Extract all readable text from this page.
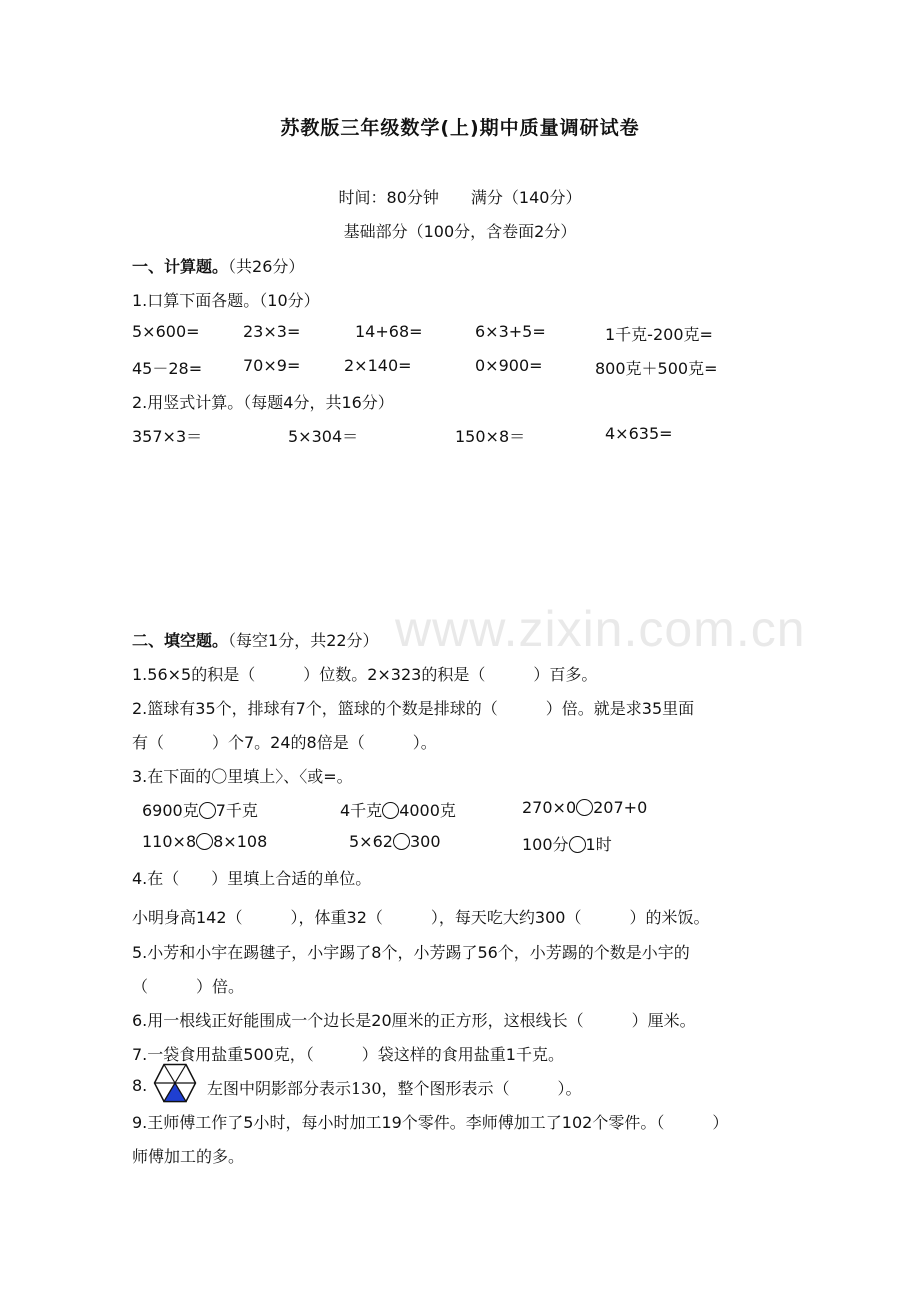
www.zixin.com.cn
苏教版三年级数学(上)期中质量调研试卷
时间：80分钟　　满分（140分）
基础部分（100分，含卷面2分）
一、计算题。（共26分）
1.口算下面各题。（10分）
5×600=	23×3=	14+68=	6×3+5=	1千克-200克=
45－28=	70×9=	2×140=	0×900=	800克＋500克=
2.用竖式计算。（每题4分，共16分）
357×3＝	5×304＝	150×8＝	4×635=
二、填空题。（每空1分，共22分）
1.56×5的积是（　　　）位数。2×323的积是（　　　）百多。
2.篮球有35个，排球有7个，篮球的个数是排球的（　　　）倍。就是求35里面
有（　　　）个7。24的8倍是（　　　）。
3.在下面的〇里填上〉、〈或=。
6900克 7千克	4千克 4000克	270×0 207+0
110×8 8×108	5×62 300	100分 1时
4.在（　　）里填上合适的单位。
小明身高142（　　　），体重32（　　　），每天吃大约300（　　　）的米饭。
5.小芳和小宇在踢毽子，小宇踢了8个，小芳踢了56个，小芳踢的个数是小宇的
（　　　）倍。
6.用一根线正好能围成一个边长是20厘米的正方形，这根线长（　　　）厘米。
7.一袋食用盐重500克，（　　　）袋这样的食用盐重1千克。
8.	左图中阴影部分表示130，整个图形表示（　　　）。
9.王师傅工作了5小时，每小时加工19个零件。李师傅加工了102个零件。（　　　）
师傅加工的多。
